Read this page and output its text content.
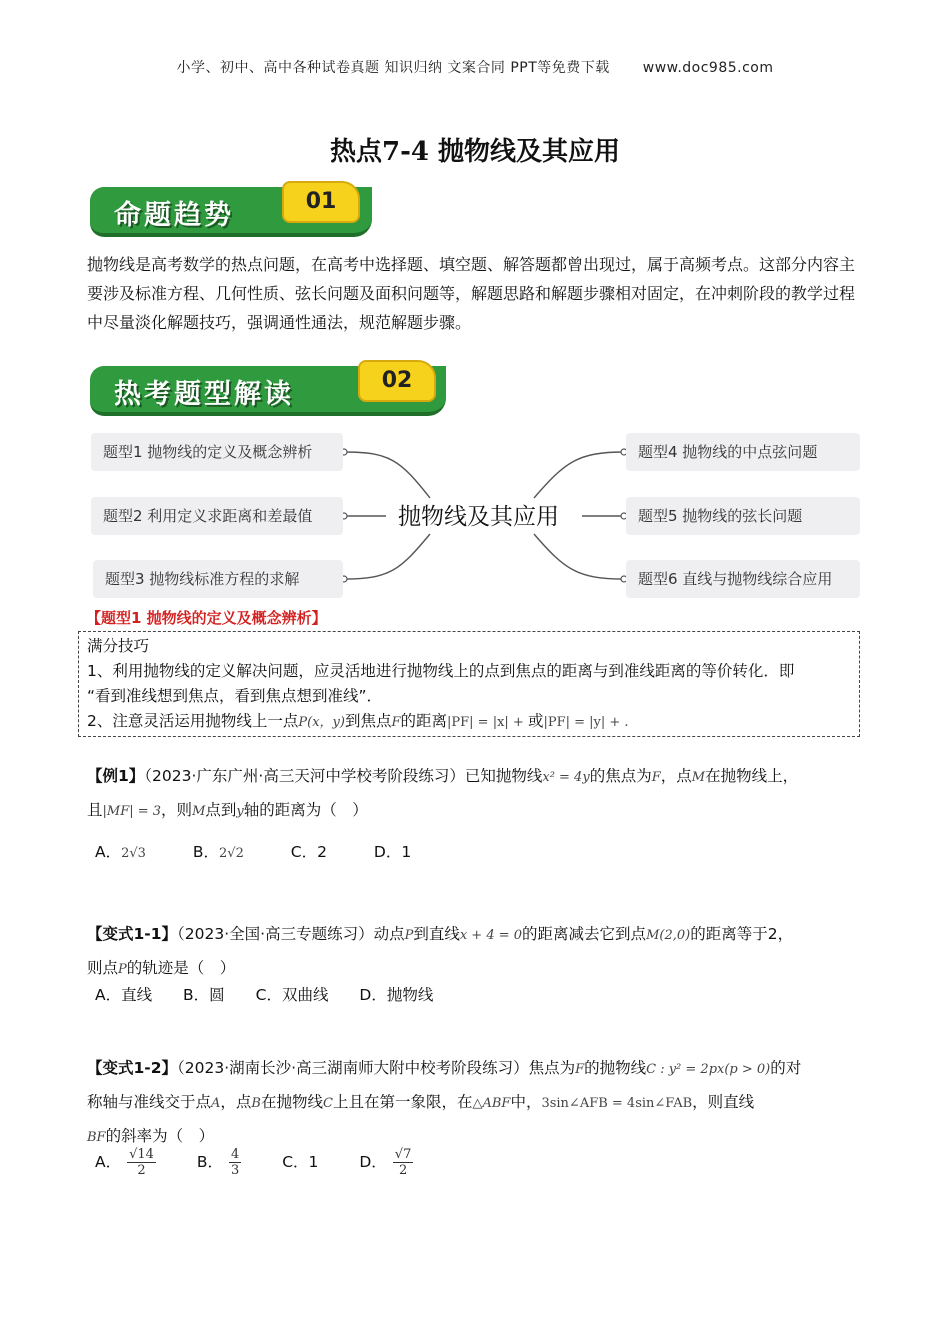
小学、初中、高中各种试卷真题 知识归纳 文案合同 PPT等免费下载 www.doc985.com
热点7-4 抛物线及其应用
命题趋势	01
抛物线是高考数学的热点问题，在高考中选择题、填空题、解答题都曾出现过，属于高频考点。这部分内容主要涉及标准方程、几何性质、弦长问题及面积问题等，解题思路和解题步骤相对固定，在冲刺阶段的教学过程中尽量淡化解题技巧，强调通性通法，规范解题步骤。
热考题型解读	02
题型1 抛物线的定义及概念辨析
题型2 利用定义求距离和差最值
题型3 抛物线标准方程的求解
题型4 抛物线的中点弦问题
题型5 抛物线的弦长问题
题型6 直线与抛物线综合应用
抛物线及其应用
【题型1 抛物线的定义及概念辨析】
满分技巧
1、利用抛物线的定义解决问题，应灵活地进行抛物线上的点到焦点的距离与到准线距离的等价转化．即
“看到准线想到焦点，看到焦点想到准线”．
2、注意灵活运用抛物线上一点P(x，y)到焦点F的距离|PF| = |x| + 或|PF| = |y| + .
【例1】（2023·广东广州·高三天河中学校考阶段练习）已知抛物线x² = 4y的焦点为F，点M在抛物线上，
且|MF| = 3，则M点到y轴的距离为（　）
A．2√3	B．2√2	C．2	D．1
【变式1-1】（2023·全国·高三专题练习）动点P到直线x + 4 = 0的距离减去它到点M(2,0)的距离等于2，
则点P的轨迹是（　）
A．直线 B．圆 C．双曲线 D．抛物线
【变式1-2】（2023·湖南长沙·高三湖南师大附中校考阶段练习）焦点为F的抛物线C : y² = 2px(p > 0)的对
称轴与准线交于点A，点B在抛物线C上且在第一象限，在△ABF中，3sin∠AFB = 4sin∠FAB，则直线
BF的斜率为（　）
A． $\frac{√14}{2}$	B． $\frac{4}{3}$	C．1	D． $\frac{√7}{2}$
